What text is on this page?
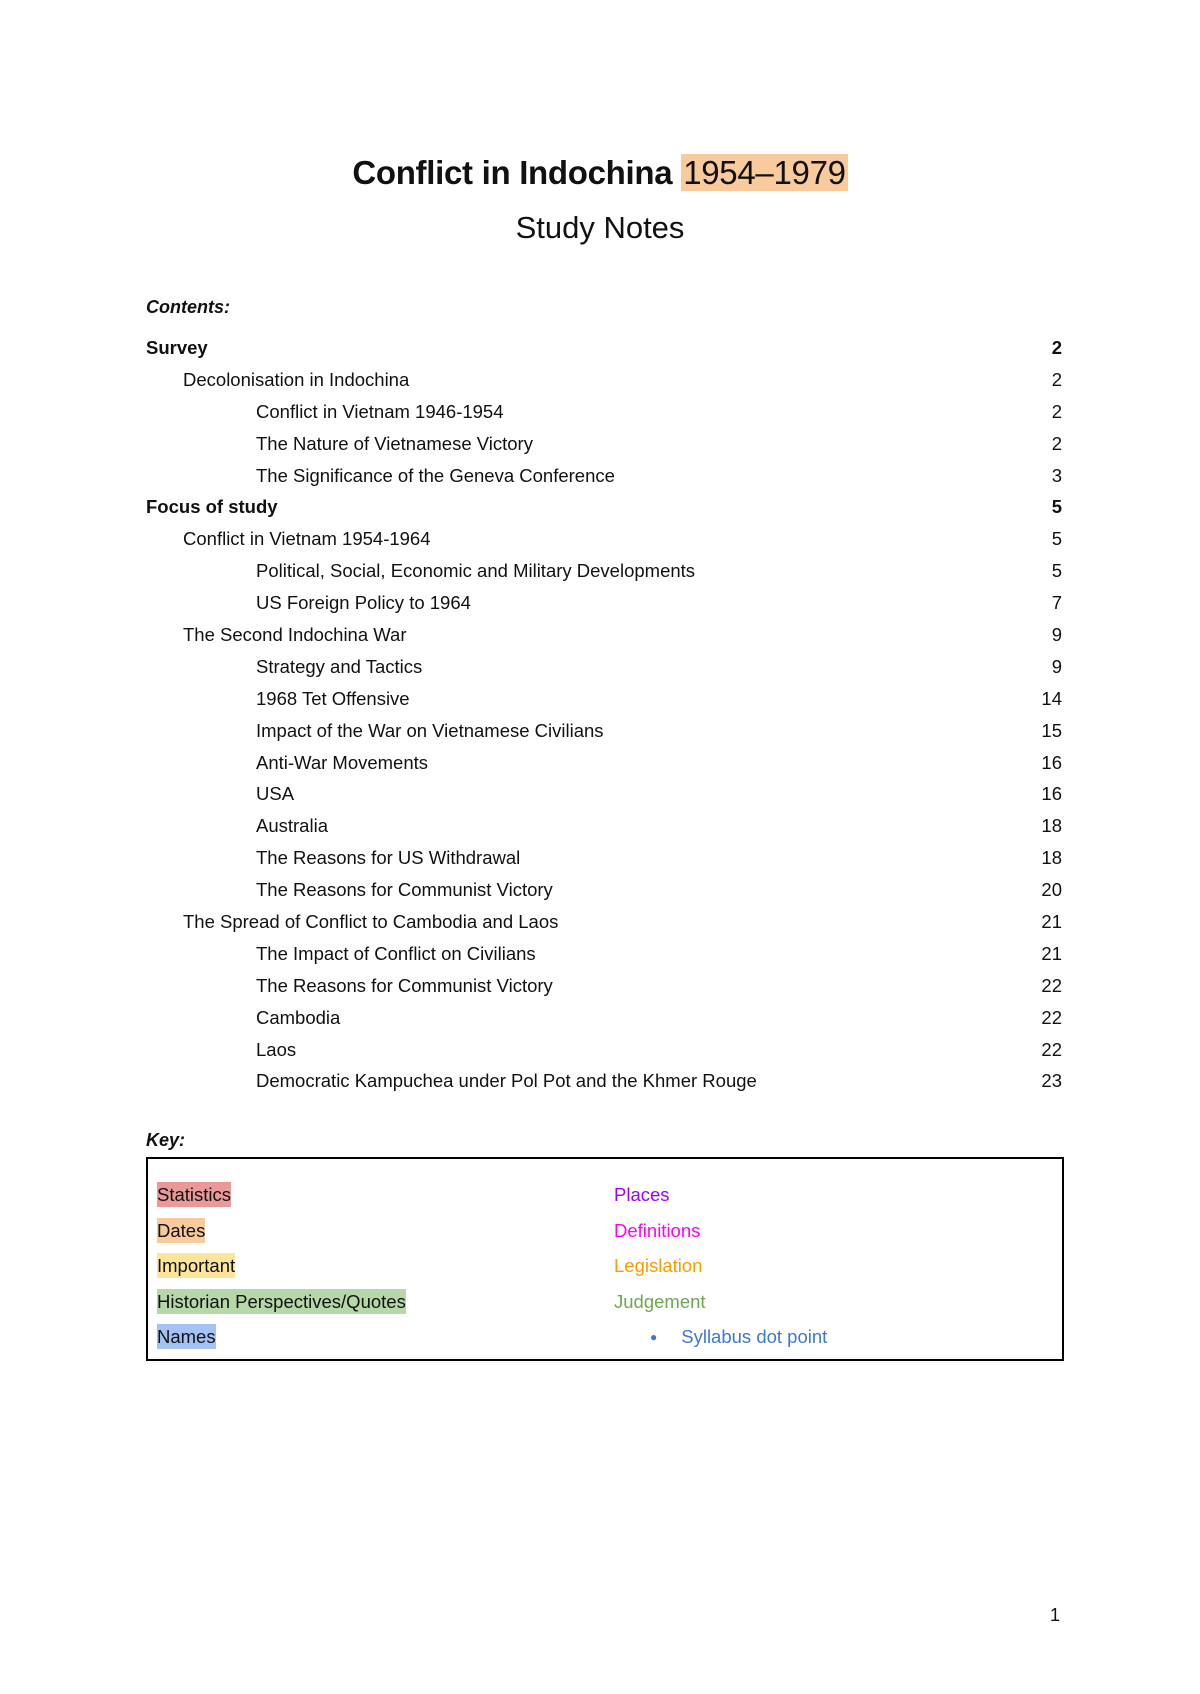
Conflict in Indochina 1954–1979
Study Notes
Contents:
Survey	2
Decolonisation in Indochina	2
Conflict in Vietnam 1946-1954	2
The Nature of Vietnamese Victory	2
The Significance of the Geneva Conference	3
Focus of study	5
Conflict in Vietnam 1954-1964	5
Political, Social, Economic and Military Developments	5
US Foreign Policy to 1964	7
The Second Indochina War	9
Strategy and Tactics	9
1968 Tet Offensive	14
Impact of the War on Vietnamese Civilians	15
Anti-War Movements	16
USA	16
Australia	18
The Reasons for US Withdrawal	18
The Reasons for Communist Victory	20
The Spread of Conflict to Cambodia and Laos	21
The Impact of Conflict on Civilians	21
The Reasons for Communist Victory	22
Cambodia	22
Laos	22
Democratic Kampuchea under Pol Pot and the Khmer Rouge	23
Key:
Statistics
Dates
Important
Historian Perspectives/Quotes
Names
Places
Definitions
Legislation
Judgement
● Syllabus dot point
1
